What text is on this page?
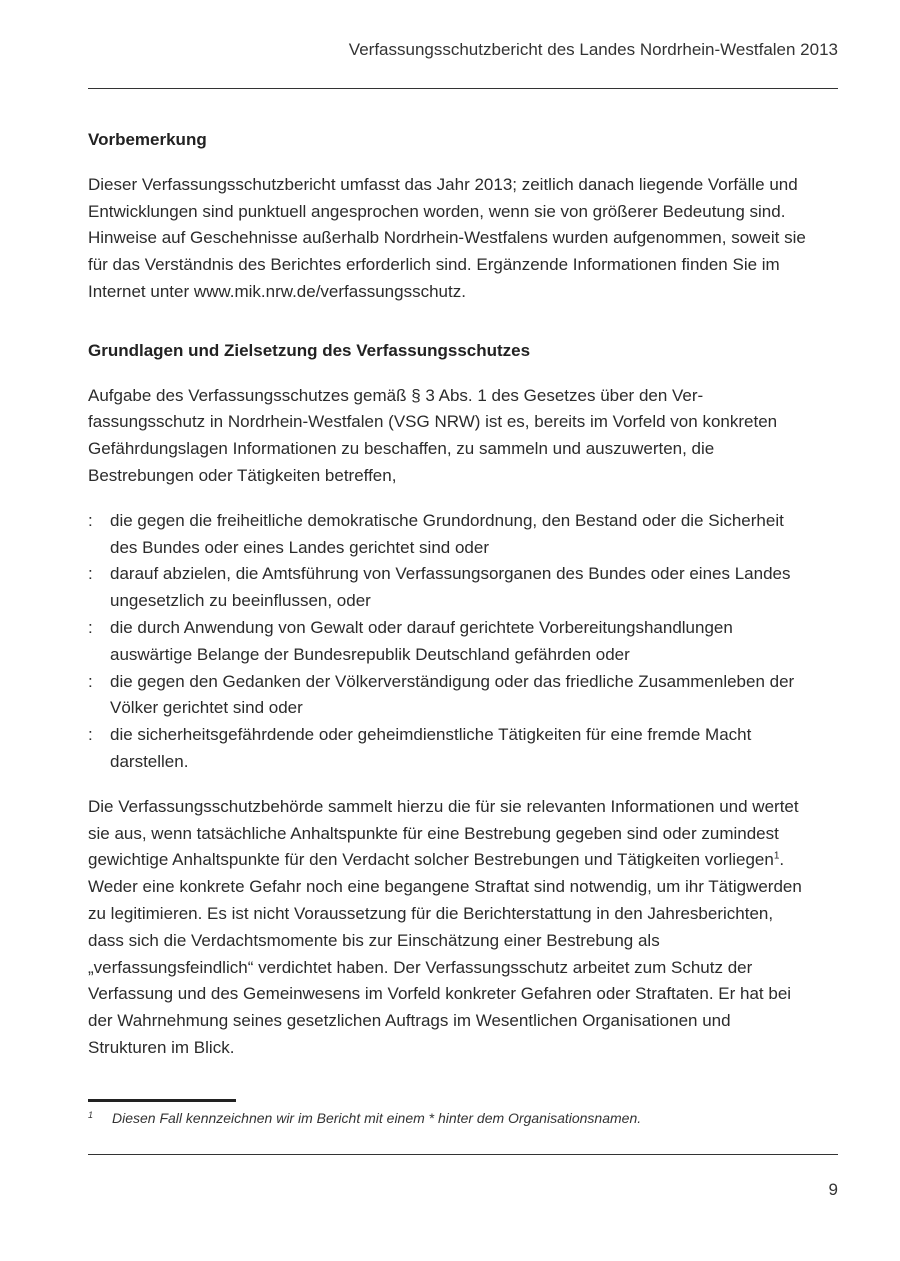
Verfassungsschutzbericht des Landes Nordrhein-Westfalen 2013
Vorbemerkung

Dieser Verfassungsschutzbericht umfasst das Jahr 2013; zeitlich danach liegende Vorfälle und Entwicklungen sind punktuell angesprochen worden, wenn sie von größerer Bedeutung sind. Hinweise auf Geschehnisse außerhalb Nordrhein-Westfalens wurden aufgenommen, soweit sie für das Verständnis des Berichtes erforderlich sind. Ergänzende Informationen finden Sie im Internet unter www.mik.nrw.de/verfassungsschutz.

Grundlagen und Zielsetzung des Verfassungsschutzes

Aufgabe des Verfassungsschutzes gemäß § 3 Abs. 1 des Gesetzes über den Verfassungsschutz in Nordrhein-Westfalen (VSG NRW) ist es, bereits im Vorfeld von konkreten Gefährdungslagen Informationen zu beschaffen, zu sammeln und auszuwerten, die Bestrebungen oder Tätigkeiten betreffen,

: die gegen die freiheitliche demokratische Grundordnung, den Bestand oder die Sicherheit des Bundes oder eines Landes gerichtet sind oder
: darauf abzielen, die Amtsführung von Verfassungsorganen des Bundes oder eines Landes ungesetzlich zu beeinflussen, oder
: die durch Anwendung von Gewalt oder darauf gerichtete Vorbereitungshandlungen auswärtige Belange der Bundesrepublik Deutschland gefährden oder
: die gegen den Gedanken der Völkerverständigung oder das friedliche Zusammenleben der Völker gerichtet sind oder
: die sicherheitsgefährdende oder geheimdienstliche Tätigkeiten für eine fremde Macht darstellen.

Die Verfassungsschutzbehörde sammelt hierzu die für sie relevanten Informationen und wertet sie aus, wenn tatsächliche Anhaltspunkte für eine Bestrebung gegeben sind oder zumindest gewichtige Anhaltspunkte für den Verdacht solcher Bestrebungen und Tätigkeiten vorliegen$^1$. Weder eine konkrete Gefahr noch eine begangene Straftat sind notwendig, um ihr Tätigwerden zu legitimieren. Es ist nicht Voraussetzung für die Berichterstattung in den Jahresberichten, dass sich die Verdachtsmomente bis zur Einschätzung einer Bestrebung als „verfassungsfeindlich“ verdichtet haben. Der Verfassungsschutz arbeitet zum Schutz der Verfassung und des Gemeinwesens im Vorfeld konkreter Gefahren oder Straftaten. Er hat bei der Wahrnehmung seines gesetzlichen Auftrags im Wesentlichen Organisationen und Strukturen im Blick.

1 Diesen Fall kennzeichnen wir im Bericht mit einem * hinter dem Organisationsnamen.
9
